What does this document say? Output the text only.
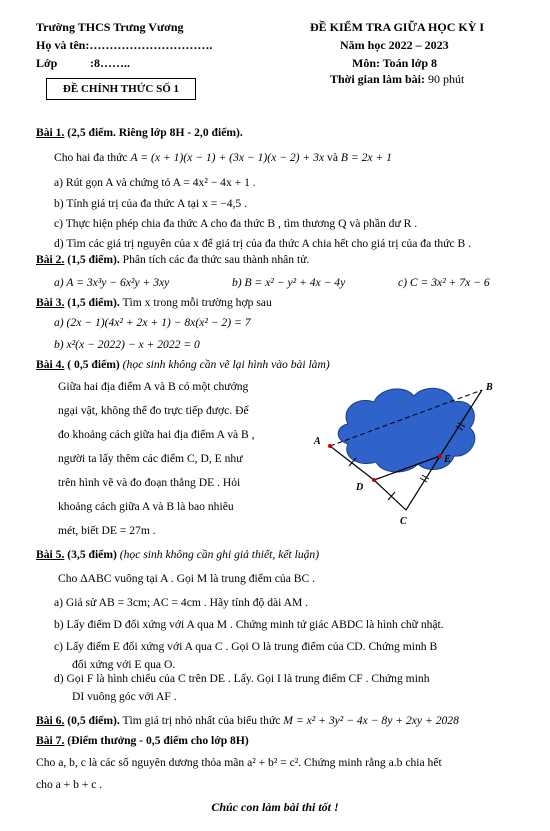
Trường THCS Trưng Vương
Họ và tên:………………………….
Lớp	:8……..
ĐỀ KIỂM TRA GIỮA HỌC KỲ I
Năm học 2022 – 2023
Môn: Toán lớp 8
Thời gian làm bài: 90 phút
ĐỀ CHÍNH THỨC SỐ 1
Bài 1. (2,5 điểm. Riêng lớp 8H - 2,0 điểm).
Cho hai đa thức A = (x + 1)(x − 1) + (3x − 1)(x − 2) + 3x và B = 2x + 1
a) Rút gọn A và chứng tỏ A = 4x² − 4x + 1 .
b) Tính giá trị của đa thức A tại x = −4,5 .
c) Thực hiện phép chia đa thức A cho đa thức B , tìm thương Q và phần dư R .
d) Tìm các giá trị nguyên của x để giá trị của đa thức A chia hết cho giá trị của đa thức B .
Bài 2. (1,5 điểm). Phân tích các đa thức sau thành nhân tử.
a) A = 3x³y − 6x²y + 3xy	b) B = x² − y² + 4x − 4y	c) C = 3x² + 7x − 6
Bài 3. (1,5 điểm). Tìm x trong mỗi trường hợp sau
a) (2x − 1)(4x² + 2x + 1) − 8x(x² − 2) = 7
b) x²(x − 2022) − x + 2022 = 0
Bài 4. ( 0,5 điểm) (học sinh không cần vẽ lại hình vào bài làm)
Giữa hai địa điểm A và B có một chướng
ngại vật, không thể đo trực tiếp được. Để
đo khoảng cách giữa hai địa điểm A và B ,
người ta lấy thêm các điểm C, D, E như
trên hình vẽ và đo đoạn thẳng DE . Hỏi
khoảng cách giữa A và B là bao nhiêu
mét, biết DE = 27m .
A
B
C
D
E
Bài 5. (3,5 điểm) (học sinh không cần ghi giả thiết, kết luận)
Cho ΔABC vuông tại A . Gọi M là trung điểm của BC .
a) Giả sử AB = 3cm; AC = 4cm . Hãy tính độ dài AM .
b) Lấy điểm D đối xứng với A qua M . Chứng minh tứ giác ABDC là hình chữ nhật.
c) Lấy điểm E đối xứng với A qua C . Gọi O là trung điểm của CD. Chứng minh B
đối xứng với E qua O.
d) Gọi F là hình chiếu của C trên DE . Lấy. Gọi I là trung điểm CF . Chứng minh
DI vuông góc với AF .
Bài 6. (0,5 điểm). Tìm giá trị nhỏ nhất của biểu thức M = x² + 3y² − 4x − 8y + 2xy + 2028
Bài 7. (Điểm thưởng - 0,5 điểm cho lớp 8H)
Cho a, b, c là các số nguyên dương thỏa mãn a² + b² = c². Chứng minh rằng a.b chia hết
cho a + b + c .
Chúc con làm bài thi tốt !
